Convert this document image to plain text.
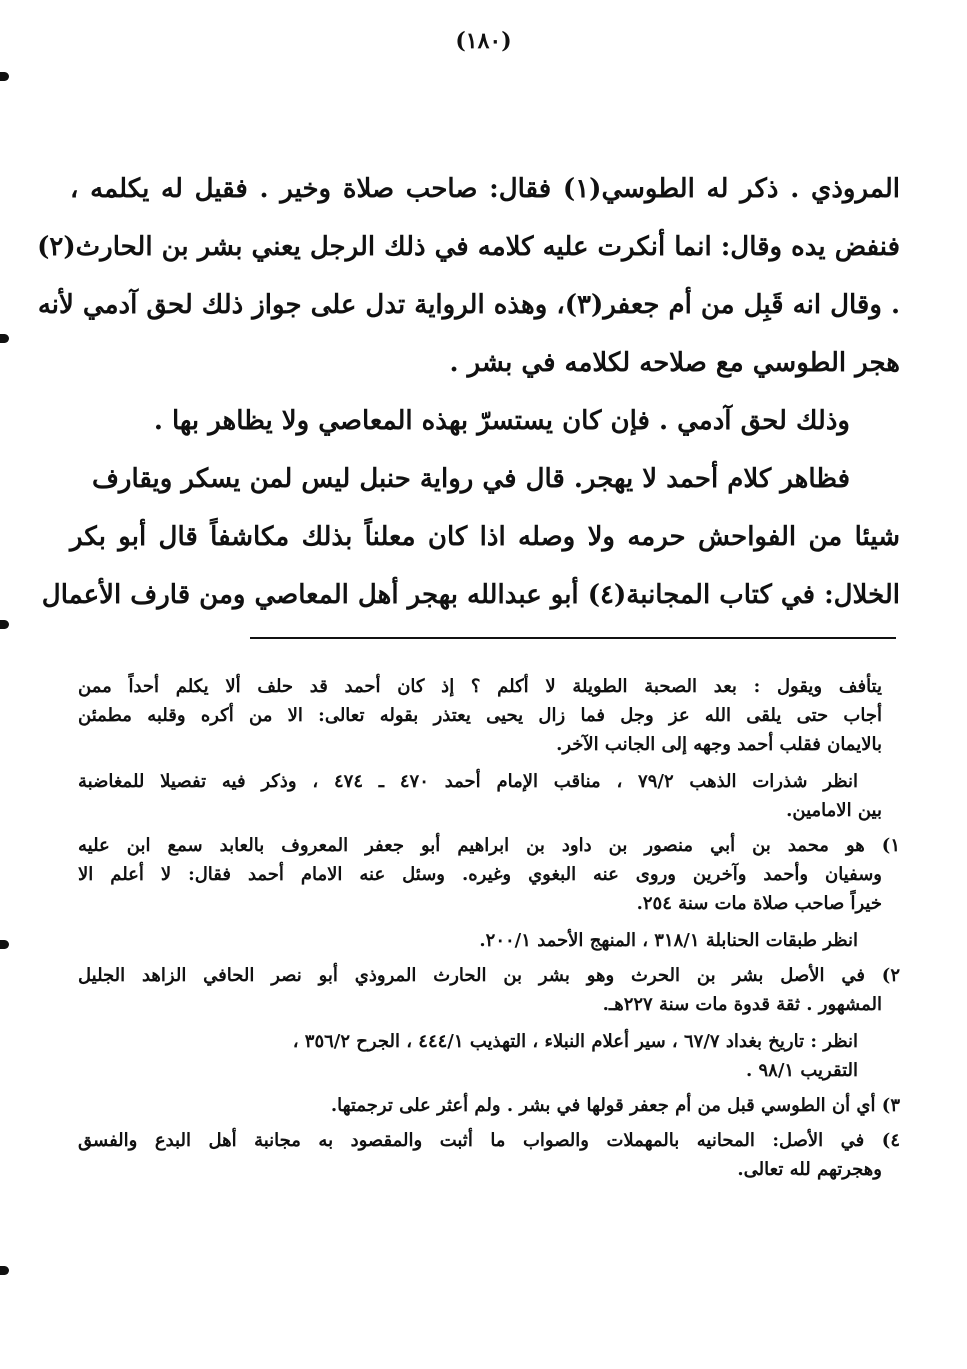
(١٨٠)
المروذي . ذكر له الطوسي(١) فقال: صاحب صلاة وخير . فقيل له يكلمه ،
فنفض يده وقال: انما أنكرت عليه كلامه في ذلك الرجل يعني بشر بن الحارث(٢)
. وقال انه قَبِل من أم جعفر(٣)، وهذه الرواية تدل على جواز ذلك لحق آدمي لأنه
هجر الطوسي مع صلاحه لكلامه في بشر .
وذلك لحق آدمي . فإن كان يستسرّ بهذه المعاصي ولا يظاهر بها .
فظاهر كلام أحمد لا يهجر. قال في رواية حنبل ليس لمن يسكر ويقارف
شيئا من الفواحش حرمه ولا وصله اذا كان معلناً بذلك مكاشفاً قال أبو بكر
الخلال: في كتاب المجانبة(٤) أبو عبدالله بهجر أهل المعاصي ومن قارف الأعمال
يتأفف ويقول : بعد الصحبة الطويلة لا أكلم ؟ إذ كان أحمد قد حلف ألا يكلم أحداً ممن
أجاب حتى يلقى الله عز وجل فما زال يحيى يعتذر بقوله تعالى: الا من أكره وقلبه مطمئن
بالايمان فقلب أحمد وجهه إلى الجانب الآخر.
انظر شذرات الذهب ٧٩/٢ ، مناقب الإمام أحمد ٤٧٠ ـ ٤٧٤ ، وذكر فيه تفصيلا للمغاضبة
بين الامامين.
١) هو محمد بن أبي منصور بن داود بن ابراهيم أبو جعفر المعروف بالعابد سمع ابن عليه
وسفيان وأحمد وآخرين وروى عنه البغوي وغيره. وسئل عنه الامام أحمد فقال: لا أعلم الا
خيراً صاحب صلاة مات سنة ٢٥٤.
انظر طبقات الحنابلة ٣١٨/١ ، المنهج الأحمد ٢٠٠/١.
٢) في الأصل بشر بن الحرث وهو بشر بن الحارث المروذي أبو نصر الحافي الزاهد الجليل
المشهور . ثقة قدوة مات سنة ٢٢٧هـ.
انظر : تاريخ بغداد ٦٧/٧ ، سير أعلام النبلاء ، التهذيب ٤٤٤/١ ، الجرح ٣٥٦/٢ ،
التقريب ٩٨/١ .
٣) أي أن الطوسي قبل من أم جعفر قولها في بشر . ولم أعثر على ترجمتها.
٤) في الأصل: المحانيه بالمهملات والصواب ما أثبت والمقصود به مجانبة أهل البدع والفسق
وهجرتهم لله تعالى.
